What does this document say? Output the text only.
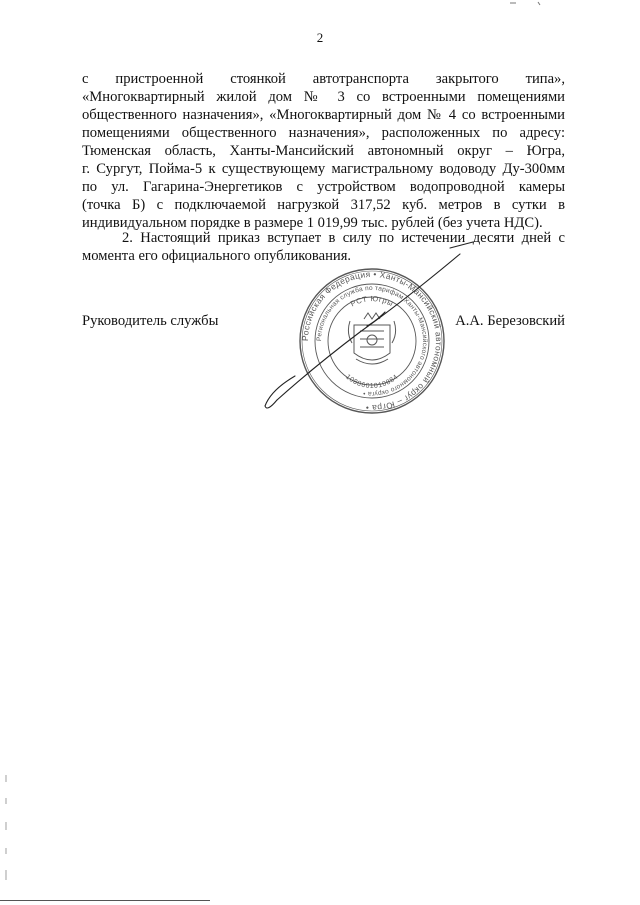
2
с пристроенной стоянкой автотранспорта закрытого типа»,
«Многоквартирный жилой дом № 3 со встроенными помещениями
общественного назначения», «Многоквартирный дом № 4 со встроенными
помещениями общественного назначения», расположенных по адресу:
Тюменская область, Ханты-Мансийский автономный округ – Югра,
г. Сургут, Пойма-5 к существующему магистральному водоводу Ду-300мм
по ул. Гагарина-Энергетиков с устройством водопроводной камеры
(точка Б) с подключаемой нагрузкой 317,52 куб. метров в сутки в
индивидуальном порядке в размере 1 019,99 тыс. рублей (без учета НДС).
2. Настоящий приказ вступает в силу по истечении десяти дней с
момента его официального опубликования.
Руководитель службы	А.А. Березовский
Российская Федерация • Ханты-Мансийский автономный округ – Югра •
Региональная служба по тарифам Ханты-Мансийского автономного округа •
РСТ Югры
1088601010884
